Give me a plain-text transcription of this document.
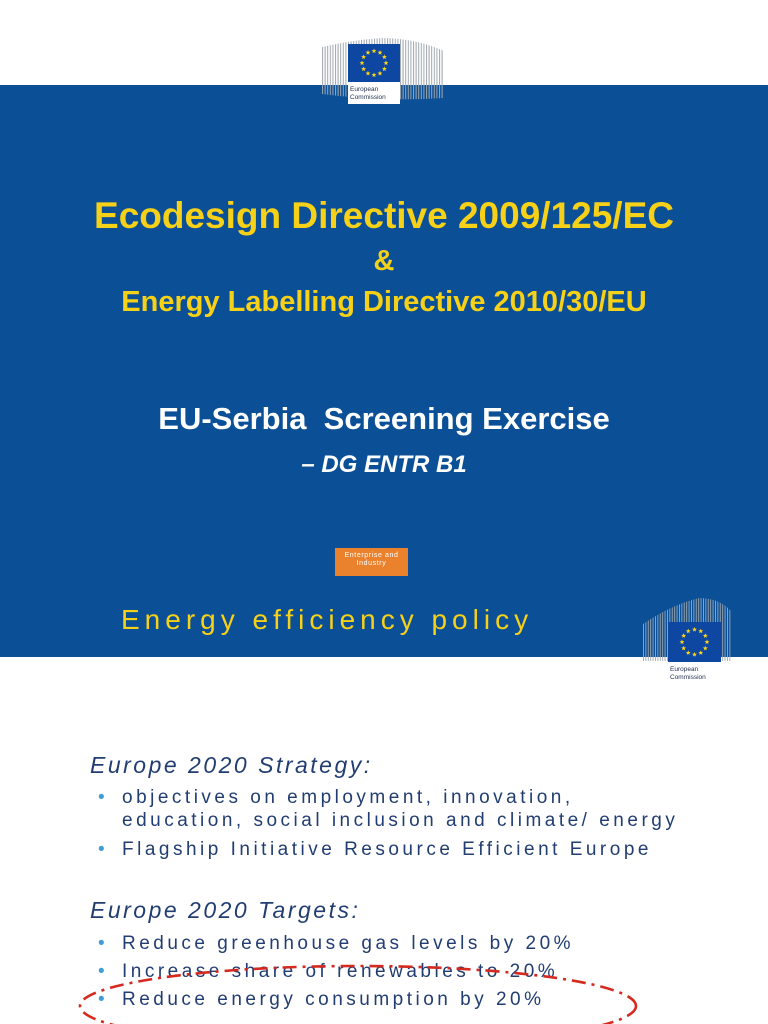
Ecodesign Directive 2009/125/EC
&
Energy Labelling Directive 2010/30/EU
EU-Serbia  Screening Exercise
– DG ENTR B1
Enterprise and
Industry
Energy efficiency policy
Europe 2020 Strategy:
• objectives on employment, innovation, education, social inclusion and climate/ energy
• Flagship Initiative Resource Efficient Europe
Europe 2020 Targets:
• Reduce greenhouse gas levels by 20%
• Increase share of renewables to 20%
• Reduce energy consumption by 20%
European
Commission
European
Commission
